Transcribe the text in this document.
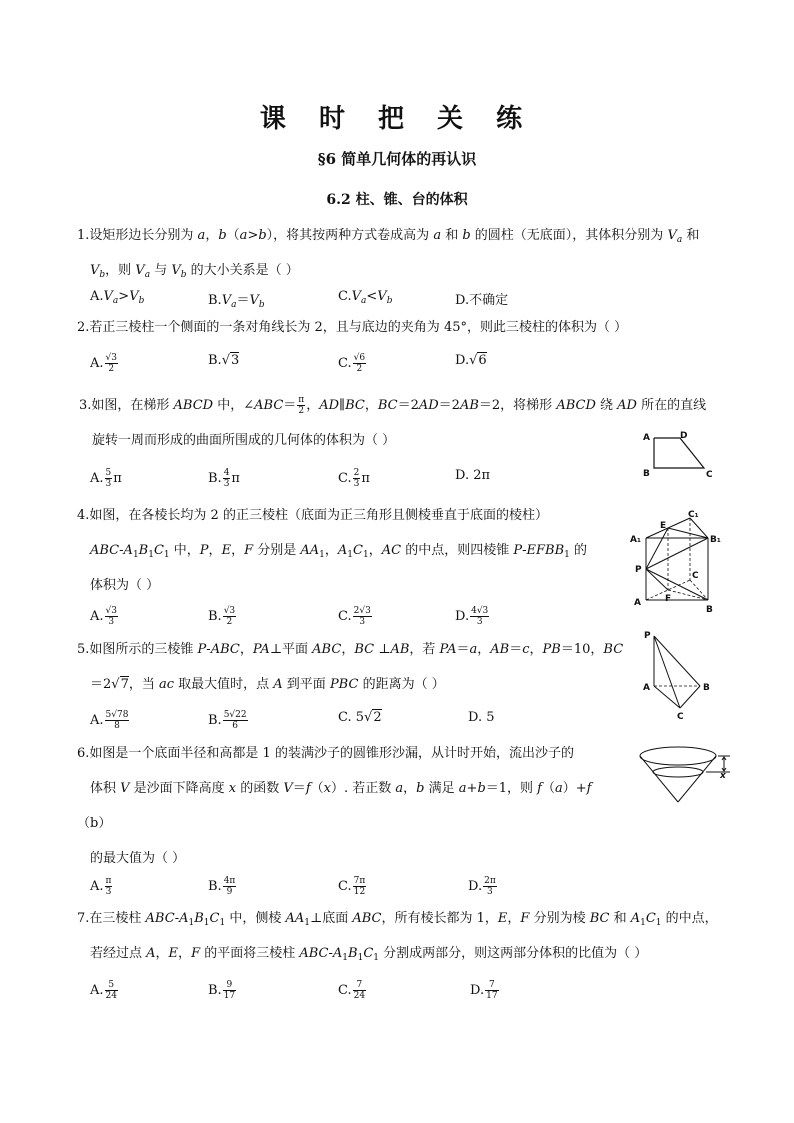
课 时 把 关 练
§6 简单几何体的再认识
6.2 柱、锥、台的体积
1.设矩形边长分别为 a，b（a>b），将其按两种方式卷成高为 a 和 b 的圆柱（无底面），其体积分别为 $V_a$ 和
$V_b$，则 $V_a$ 与 $V_b$ 的大小关系是（ ）
$A.V_a>V_b$	$B.V_a=V_b$
$C.V_a<V_b$	D.不确定
2.若正三棱柱一个侧面的一条对角线长为 2，且与底边的夹角为 45°，则此三棱柱的体积为（ ）
A. $\frac{√3}{2}$	B.√3	C. $\frac{√6}{2}$	D.√6
3.如图，在梯形 ABCD 中，∠ABC＝ $\frac{\pi}{2}$ ，AD∥BC，BC＝2AD＝2AB＝2，将梯形 ABCD 绕 AD 所在的直线
旋转一周而形成的曲面所围成的几何体的体积为（ ）
A. $\frac{5}{3}$ π	B. $\frac{4}{3}$ π	C. $\frac{2}{3}$ π	D. 2π
A	D
B	C
4.如图，在各棱长均为 2 的正三棱柱（底面为正三角形且侧棱垂直于底面的棱柱）
ABC-$A_1B_1C_1$ 中，P，E，F 分别是 $AA_1$，$A_1C_1$，AC 的中点，则四棱锥 $P-EFBB_1$ 的
体积为（ ）
A. $\frac{√3}{3}$	B. $\frac{√3}{2}$	C. $\frac{2√3}{3}$	D. $\frac{4√3}{3}$
C₁
E
A₁	B₁
P
C
A	F
B
5.如图所示的三棱锥 P-ABC，PA⊥平面 ABC，BC ⊥AB，若 PA＝a，AB＝c，PB＝10，BC
＝2√7，当 ac 取最大值时，点 A 到平面 PBC 的距离为（ ）
A. $\frac{5√78}{8}$	B. $\frac{5√22}{6}$	C. 5√2	D. 5
P
A	B
C
6.如图是一个底面半径和高都是 1 的装满沙子的圆锥形沙漏，从计时开始，流出沙子的
体积 V 是沙面下降高度 x 的函数 V＝f（x）. 若正数 a，b 满足 a+b＝1，则 f（a）+f
（b）
的最大值为（ ）
A. $\frac{\pi}{3}$	B. $\frac{4\pi}{9}$	C. $\frac{7\pi}{12}$	D. $\frac{2\pi}{3}$
x
7.在三棱柱 ABC-$A_1B_1C_1$ 中，侧棱 $AA_1\perp$底面 ABC，所有棱长都为 1，E，F 分别为棱 BC 和 $A_1C_1$ 的中点，
若经过点 A，E，F 的平面将三棱柱 ABC-$A_1B_1C_1$ 分割成两部分，则这两部分体积的比值为（ ）
A. $\frac{5}{24}$	B. $\frac{9}{17}$	C. $\frac{7}{24}$	D. $\frac{7}{17}$
